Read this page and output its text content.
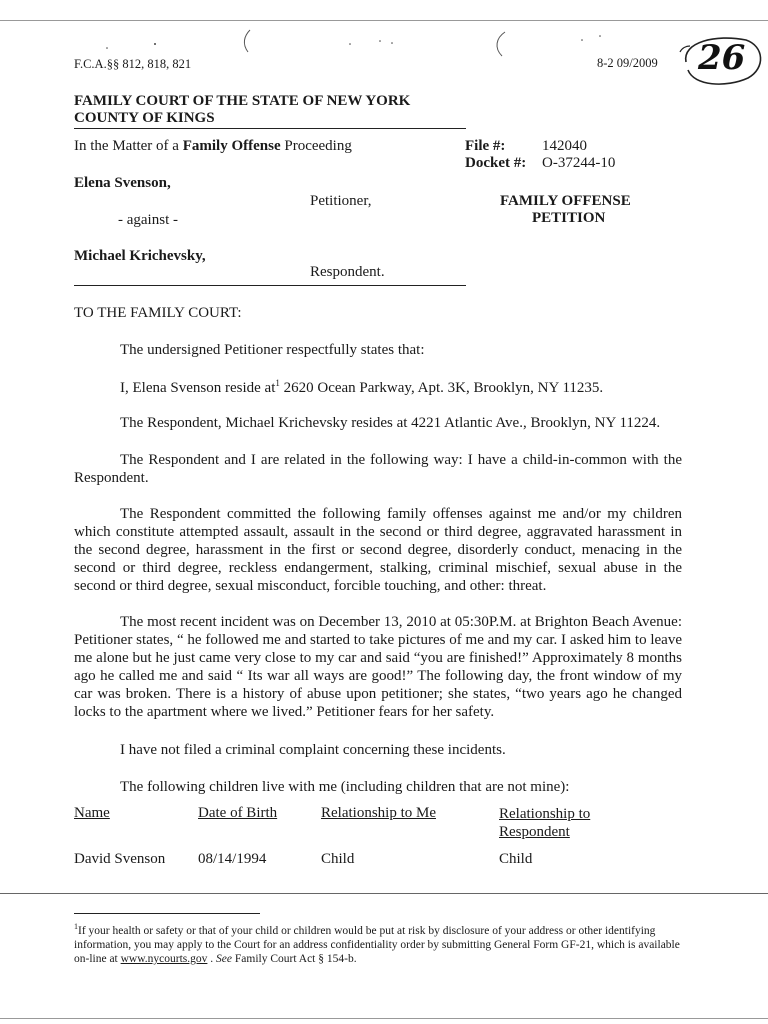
F.C.A.§§ 812, 818, 821	8-2 09/2009 26
FAMILY COURT OF THE STATE OF NEW YORK
COUNTY OF KINGS
In the Matter of a Family Offense Proceeding
Elena Svenson,
Petitioner,
- against -
Michael Krichevsky,
Respondent.
File #: 142040
Docket #: O-37244-10
FAMILY OFFENSE
PETITION
TO THE FAMILY COURT:
The undersigned Petitioner respectfully states that:
I, Elena Svenson reside $at^1$ 2620 Ocean Parkway, Apt. 3K, Brooklyn, NY 11235.
The Respondent, Michael Krichevsky resides at 4221 Atlantic Ave., Brooklyn, NY 11224.

The Respondent and I are related in the following way: I have a child-in-common with the Respondent.

The Respondent committed the following family offenses against me and/or my children which constitute attempted assault, assault in the second or third degree, aggravated harassment in the second degree, harassment in the first or second degree, disorderly conduct, menacing in the second or third degree, reckless endangerment, stalking, criminal mischief, sexual abuse in the second or third degree, sexual misconduct, forcible touching, and other: threat.

The most recent incident was on December 13, 2010 at 05:30P.M. at Brighton Beach Avenue: Petitioner states, “ he followed me and started to take pictures of me and my car. I asked him to leave me alone but he just came very close to my car and said “you are finished!” Approximately 8 months ago he called me and said “ Its war all ways are good!” The following day, the front window of my car was broken. There is a history of abuse upon petitioner; she states, “two years ago he changed locks to the apartment where we lived.” Petitioner fears for her safety.

I have not filed a criminal complaint concerning these incidents.
The following children live with me (including children that are not mine):
Name	Date of Birth	Relationship to Me	Relationship to Respondent
David Svenson 08/14/1994	Child	Child
$^1$If your health or safety or that of your child or children would be put at risk by disclosure of your address or other identifying information, you may apply to the Court for an address confidentiality order by submitting General Form GF-21, which is available on-line at www.nycourts.gov . See Family Court Act § 154-b.
